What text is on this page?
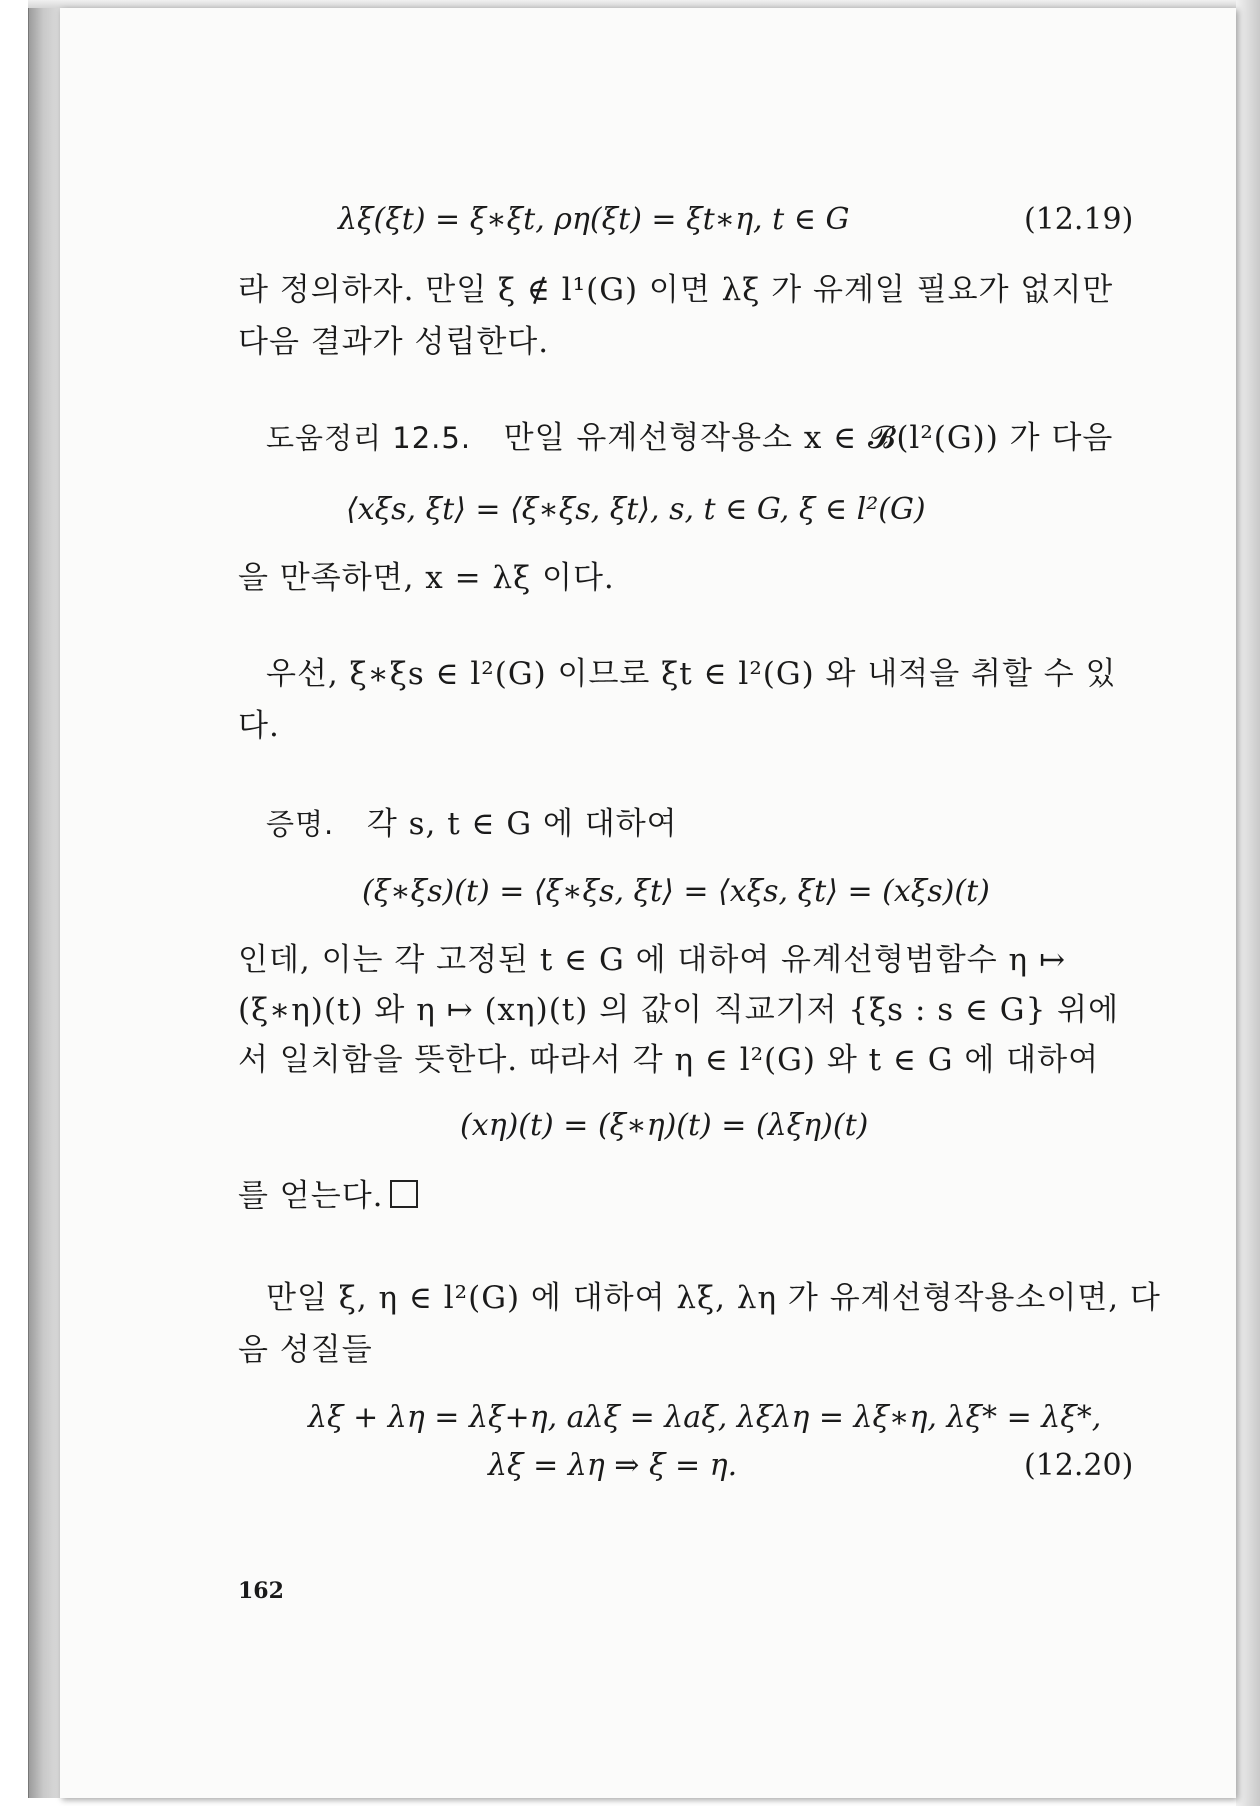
λξ(ξt) = ξ∗ξt, ρη(ξt) = ξt∗η, t ∈ G	(12.19)
라 정의하자. 만일 ξ ∉ l¹(G) 이면 λξ 가 유계일 필요가 없지만
다음 결과가 성립한다.
도움정리 12.5. 만일 유계선형작용소 x ∈ 𝓑(l²(G)) 가 다음
⟨xξs, ξt⟩ = ⟨ξ∗ξs, ξt⟩, s, t ∈ G, ξ ∈ l²(G)
을 만족하면, x = λξ 이다.
우선, ξ∗ξs ∈ l²(G) 이므로 ξt ∈ l²(G) 와 내적을 취할 수 있
다.
증명. 각 s, t ∈ G 에 대하여
(ξ∗ξs)(t) = ⟨ξ∗ξs, ξt⟩ = ⟨xξs, ξt⟩ = (xξs)(t)
인데, 이는 각 고정된 t ∈ G 에 대하여 유계선형범함수 η ↦
(ξ∗η)(t) 와 η ↦ (xη)(t) 의 값이 직교기저 {ξs : s ∈ G} 위에
서 일치함을 뜻한다. 따라서 각 η ∈ l²(G) 와 t ∈ G 에 대하여
(xη)(t) = (ξ∗η)(t) = (λξη)(t)
를 얻는다.
만일 ξ, η ∈ l²(G) 에 대하여 λξ, λη 가 유계선형작용소이면, 다
음 성질들
λξ + λη = λξ+η, aλξ = λaξ, λξλη = λξ∗η, λξ* = λξ*,
λξ = λη ⇒ ξ = η.	(12.20)
162
